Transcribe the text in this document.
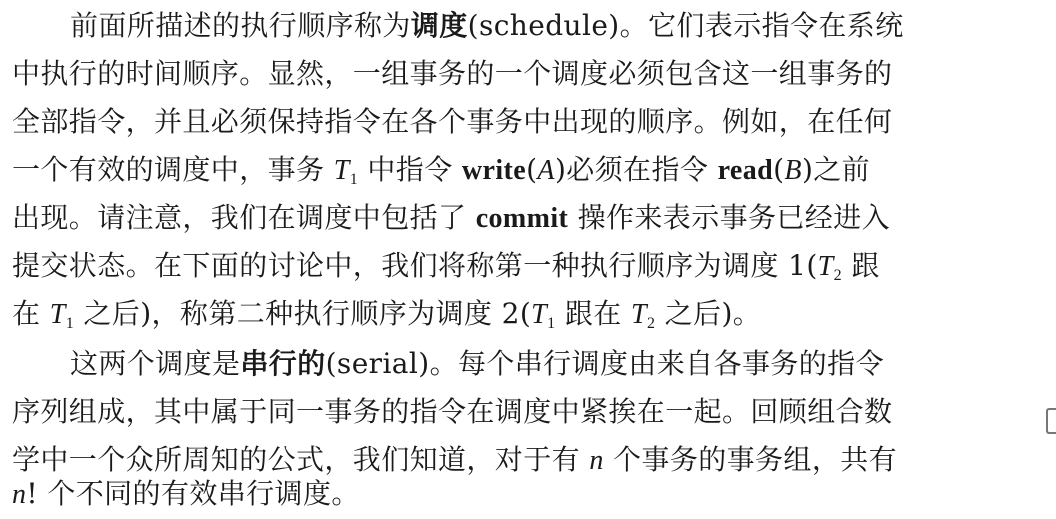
前面所描述的执行顺序称为调度(schedule)。它们表示指令在系统
中执行的时间顺序。显然，一组事务的一个调度必须包含这一组事务的
全部指令，并且必须保持指令在各个事务中出现的顺序。例如，在任何
一个有效的调度中，事务 $T_1$ 中指令 write(A)必须在指令 read(B)之前
出现。请注意，我们在调度中包括了 commit 操作来表示事务已经进入
提交状态。在下面的讨论中，我们将称第一种执行顺序为调度 $1(T_2$ 跟
在 $T_1$ 之后)，称第二种执行顺序为调度 $2(T_1$ 跟在 $T_2$ 之后)。
这两个调度是串行的(serial)。每个串行调度由来自各事务的指令
序列组成，其中属于同一事务的指令在调度中紧挨在一起。回顾组合数
学中一个众所周知的公式，我们知道，对于有 n 个事务的事务组，共有
n! 个不同的有效串行调度。
